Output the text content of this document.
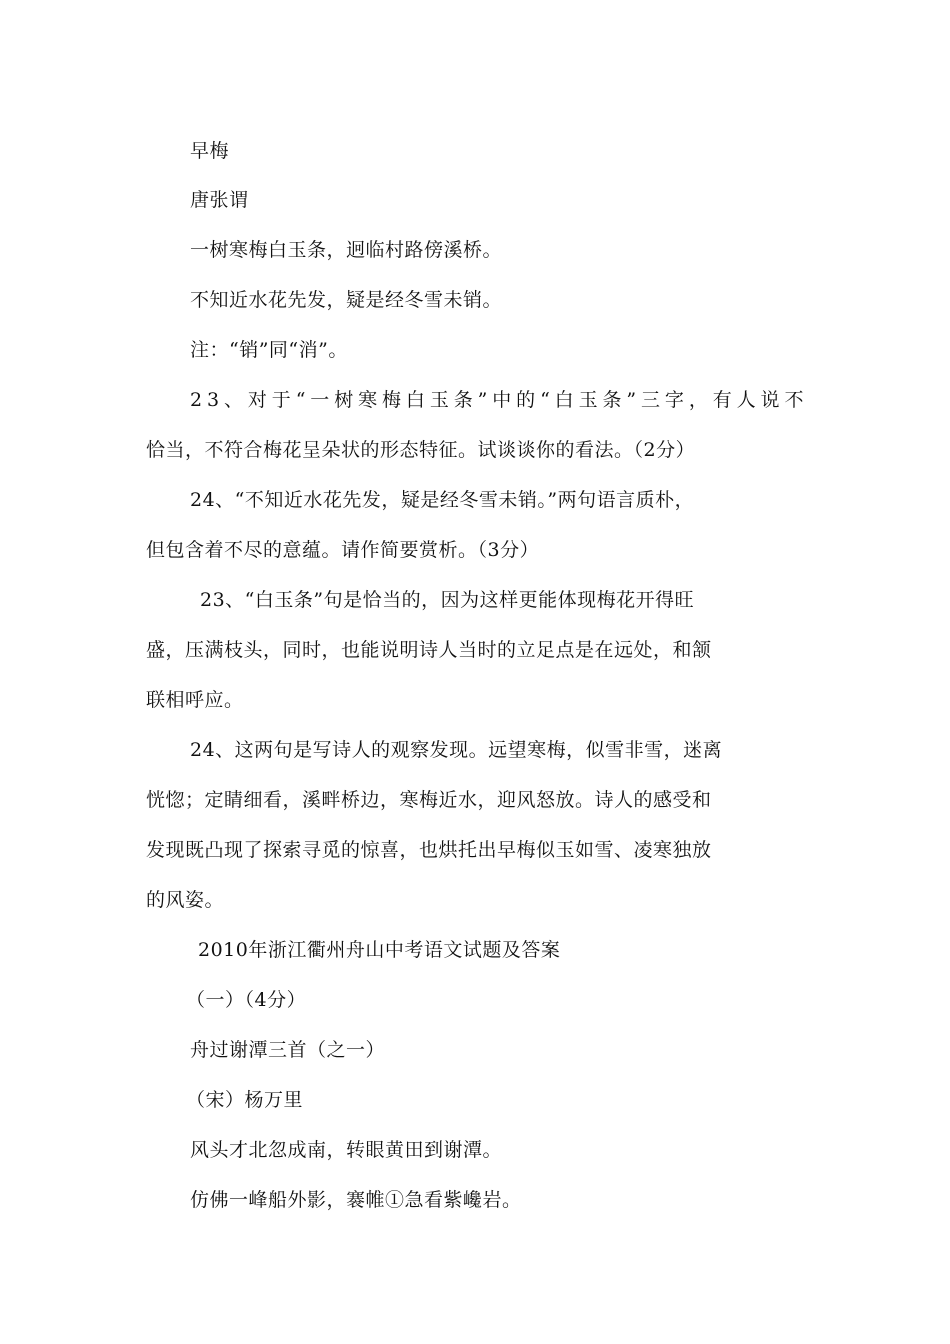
早梅
唐张谓
一树寒梅白玉条，迥临村路傍溪桥。
不知近水花先发，疑是经冬雪未销。
注：“销”同“消”。
2 3 、 对 于 “ 一 树 寒 梅 白 玉 条 ” 中 的 “ 白 玉 条 ” 三 字 ， 有 人 说 不
恰当，不符合梅花呈朵状的形态特征。试谈谈你的看法。（2分）
24、“不知近水花先发，疑是经冬雪未销。”两句语言质朴，
但包含着不尽的意蕴。请作简要赏析。（3分）
23、“白玉条”句是恰当的，因为这样更能体现梅花开得旺
盛，压满枝头，同时，也能说明诗人当时的立足点是在远处，和颔
联相呼应。
24、这两句是写诗人的观察发现。远望寒梅，似雪非雪，迷离
恍惚；定睛细看，溪畔桥边，寒梅近水，迎风怒放。诗人的感受和
发现既凸现了探索寻觅的惊喜，也烘托出早梅似玉如雪、凌寒独放
的风姿。
2010年浙江衢州舟山中考语文试题及答案
（一）（4分）
舟过谢潭三首（之一）
（宋）杨万里
风头才北忽成南，转眼黄田到谢潭。
仿佛一峰船外影，褰帷①急看紫巉岩。
